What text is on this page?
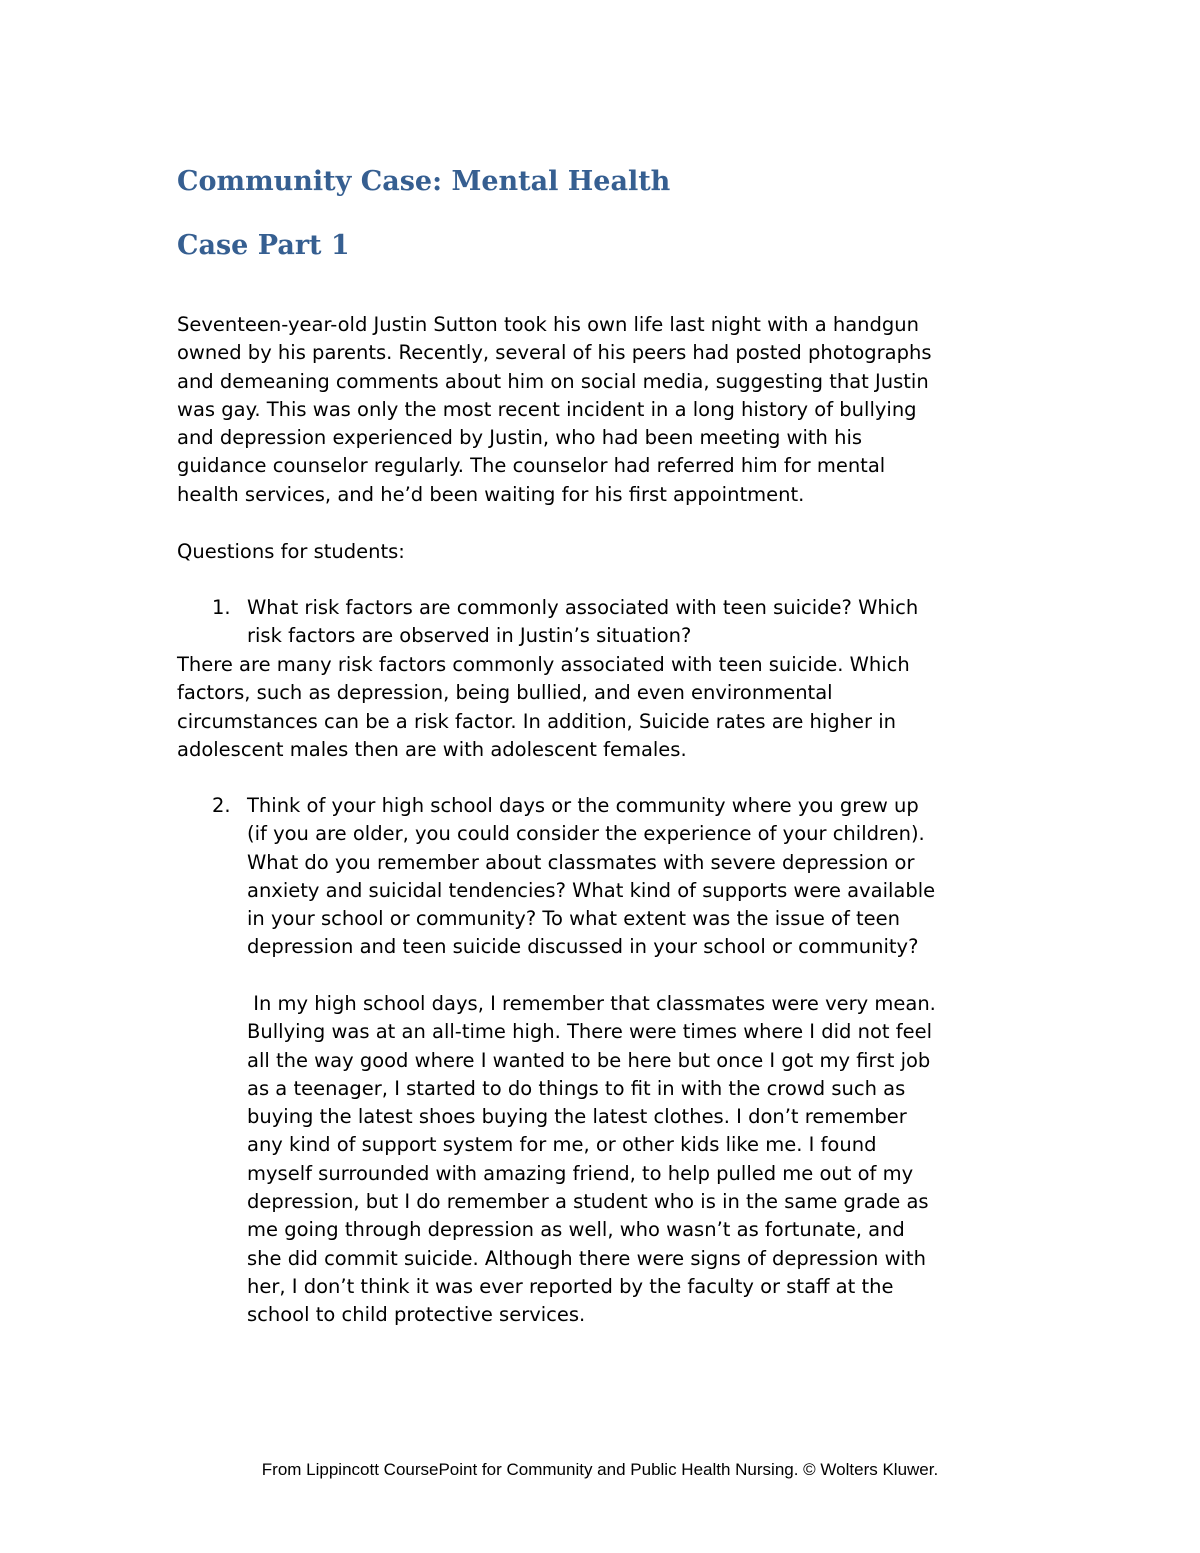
Community Case: Mental Health
Case Part 1

Seventeen-year-old Justin Sutton took his own life last night with a handgun
owned by his parents. Recently, several of his peers had posted photographs
and demeaning comments about him on social media, suggesting that Justin
was gay. This was only the most recent incident in a long history of bullying
and depression experienced by Justin, who had been meeting with his
guidance counselor regularly. The counselor had referred him for mental
health services, and he’d been waiting for his first appointment.

Questions for students:

1. What risk factors are commonly associated with teen suicide? Which
risk factors are observed in Justin’s situation?

There are many risk factors commonly associated with teen suicide. Which
factors, such as depression, being bullied, and even environmental
circumstances can be a risk factor. In addition, Suicide rates are higher in
adolescent males then are with adolescent females.

2. Think of your high school days or the community where you grew up
(if you are older, you could consider the experience of your children).
What do you remember about classmates with severe depression or
anxiety and suicidal tendencies? What kind of supports were available
in your school or community? To what extent was the issue of teen
depression and teen suicide discussed in your school or community?

In my high school days, I remember that classmates were very mean.
Bullying was at an all-time high. There were times where I did not feel
all the way good where I wanted to be here but once I got my first job
as a teenager, I started to do things to fit in with the crowd such as
buying the latest shoes buying the latest clothes. I don’t remember
any kind of support system for me, or other kids like me. I found
myself surrounded with amazing friend, to help pulled me out of my
depression, but I do remember a student who is in the same grade as
me going through depression as well, who wasn’t as fortunate, and
she did commit suicide. Although there were signs of depression with
her, I don’t think it was ever reported by the faculty or staff at the
school to child protective services.

From Lippincott CoursePoint for Community and Public Health Nursing. © Wolters Kluwer.
